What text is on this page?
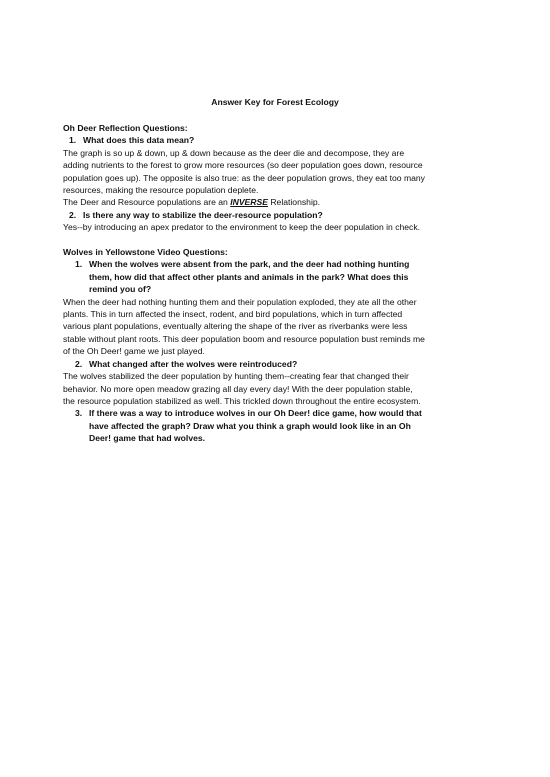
Answer Key for Forest Ecology
Oh Deer Reflection Questions:
1. What does this data mean?
The graph is so up & down, up & down because as the deer die and decompose, they are
adding nutrients to the forest to grow more resources (so deer population goes down, resource
population goes up). The opposite is also true: as the deer population grows, they eat too many
resources, making the resource population deplete.
The Deer and Resource populations are an INVERSE Relationship.
2. Is there any way to stabilize the deer-resource population?
Yes--by introducing an apex predator to the environment to keep the deer population in check.
Wolves in Yellowstone Video Questions:
1. When the wolves were absent from the park, and the deer had nothing hunting
them, how did that affect other plants and animals in the park? What does this
remind you of?
When the deer had nothing hunting them and their population exploded, they ate all the other
plants. This in turn affected the insect, rodent, and bird populations, which in turn affected
various plant populations, eventually altering the shape of the river as riverbanks were less
stable without plant roots. This deer population boom and resource population bust reminds me
of the Oh Deer! game we just played.
2. What changed after the wolves were reintroduced?
The wolves stabilized the deer population by hunting them--creating fear that changed their
behavior. No more open meadow grazing all day every day! With the deer population stable,
the resource population stabilized as well. This trickled down throughout the entire ecosystem.
3. If there was a way to introduce wolves in our Oh Deer! dice game, how would that
have affected the graph? Draw what you think a graph would look like in an Oh
Deer! game that had wolves.
